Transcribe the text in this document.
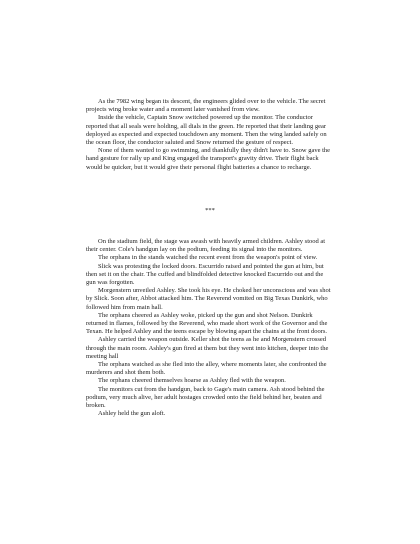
As the 7982 wing began its descent, the engineers glided over to the vehicle. The secret projects wing broke water and a moment later vanished from view.

Inside the vehicle, Captain Snow switched powered up the monitor. The conductor reported that all seals were holding, all dials in the green. He reported that their landing gear deployed as expected and expected touchdown any moment. Then the wing landed safely on the ocean floor, the conductor saluted and Snow returned the gesture of respect.

None of them wanted to go swimming, and thankfully they didn't have to. Snow gave the hand gesture for rally up and King engaged the transport's gravity drive. Their flight back would be quicker, but it would give their personal flight batteries a chance to recharge.

***

On the stadium field, the stage was awash with heavily armed children. Ashley stood at their center. Cole's handgun lay on the podium, feeding its signal into the monitors.

The orphans in the stands watched the recent event from the weapon's point of view.

Slick was protesting the locked doors. Escurrido raised and pointed the gun at him, but then set it on the chair. The cuffed and blindfolded detective knocked Escurrido out and the gun was forgotten.

Morgenstern unveiled Ashley. She took his eye. He choked her unconscious and was shot by Slick. Soon after, Abbot attacked him. The Reverend vomited on Big Texas Dunkirk, who followed him from main hall.

The orphans cheered as Ashley woke, picked up the gun and shot Nelson. Dunkirk returned in flames, followed by the Reverend, who made short work of the Governor and the Texan. He helped Ashley and the teens escape by blowing apart the chains at the front doors.

Ashley carried the weapon outside. Keller shot the teens as he and Morgenstern crossed through the main room. Ashley's gun fired at them but they went into kitchen, deeper into the meeting hall

The orphans watched as she fled into the alley, where moments later, she confronted the murderers and shot them both.

The orphans cheered themselves hoarse as Ashley fled with the weapon.

The monitors cut from the handgun, back to Gage's main camera. Ash stood behind the podium, very much alive, her adult hostages crowded onto the field behind her, beaten and broken.

Ashley held the gun aloft.
